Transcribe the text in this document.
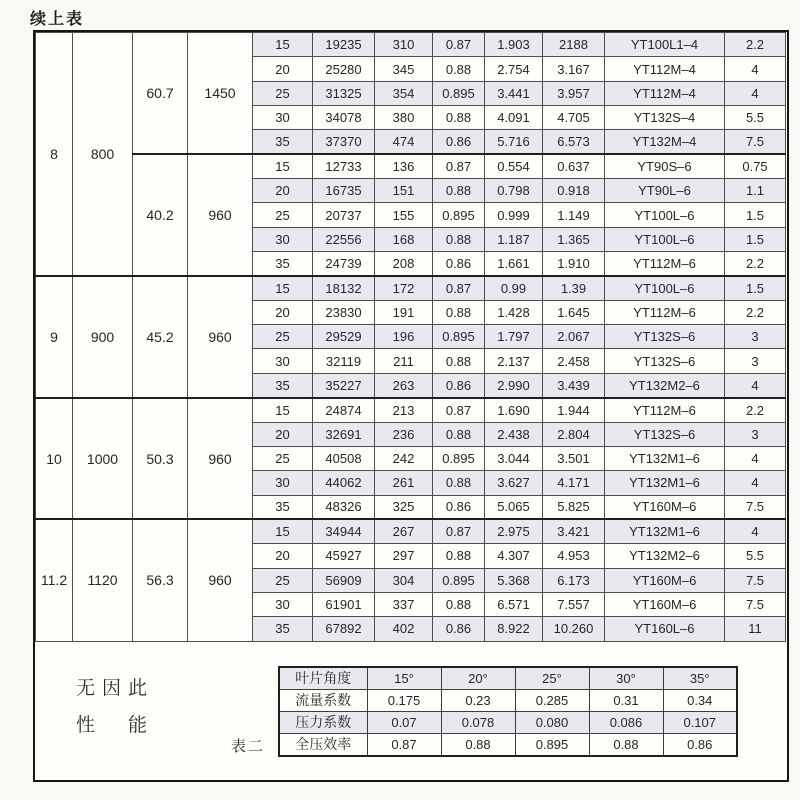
续上表
8	800	60.7	1450	15	19235	310	0.87	1.903	2188	YT100L1–4	2.2
				20	25280	345	0.88	2.754	3.167	YT112M–4	4
				25	31325	354	0.895	3.441	3.957	YT112M–4	4
				30	34078	380	0.88	4.091	4.705	YT132S–4	5.5
				35	37370	474	0.86	5.716	6.573	YT132M–4	7.5
		40.2	960	15	12733	136	0.87	0.554	0.637	YT90S–6	0.75
				20	16735	151	0.88	0.798	0.918	YT90L–6	1.1
				25	20737	155	0.895	0.999	1.149	YT100L–6	1.5
				30	22556	168	0.88	1.187	1.365	YT100L–6	1.5
				35	24739	208	0.86	1.661	1.910	YT112M–6	2.2
9	900	45.2	960	15	18132	172	0.87	0.99	1.39	YT100L–6	1.5
				20	23830	191	0.88	1.428	1.645	YT112M–6	2.2
				25	29529	196	0.895	1.797	2.067	YT132S–6	3
				30	32119	211	0.88	2.137	2.458	YT132S–6	3
				35	35227	263	0.86	2.990	3.439	YT132M2–6	4
10	1000	50.3	960	15	24874	213	0.87	1.690	1.944	YT112M–6	2.2
				20	32691	236	0.88	2.438	2.804	YT132S–6	3
				25	40508	242	0.895	3.044	3.501	YT132M1–6	4
				30	44062	261	0.88	3.627	4.171	YT132M1–6	4
				35	48326	325	0.86	5.065	5.825	YT160M–6	7.5
11.2	1120	56.3	960	15	34944	267	0.87	2.975	3.421	YT132M1–6	4
				20	45927	297	0.88	4.307	4.953	YT132M2–6	5.5
				25	56909	304	0.895	5.368	6.173	YT160M–6	7.5
				30	61901	337	0.88	6.571	7.557	YT160M–6	7.5
				35	67892	402	0.86	8.922	10.260	YT160L–6	11
无因此
性　能
表二
叶片角度	15°	20°	25°	30°	35°
流量系数	0.175	0.23	0.285	0.31	0.34
压力系数	0.07	0.078	0.080	0.086	0.107
全压效率	0.87	0.88	0.895	0.88	0.86
